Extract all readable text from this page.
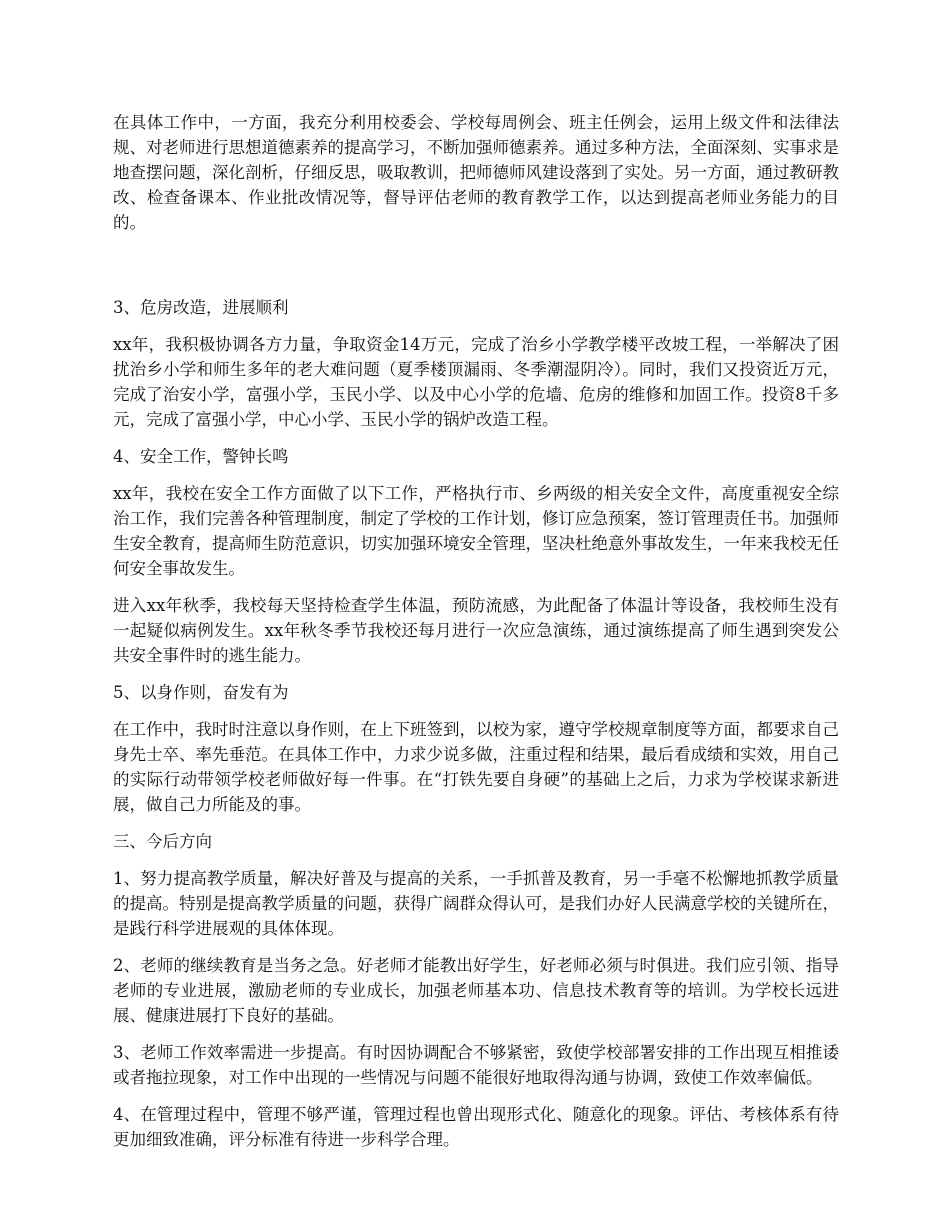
在具体工作中，一方面，我充分利用校委会、学校每周例会、班主任例会，运用上级文件和法律法规、对老师进行思想道德素养的提高学习，不断加强师德素养。通过多种方法，全面深刻、实事求是地查摆问题，深化剖析，仔细反思，吸取教训，把师德师风建设落到了实处。另一方面，通过教研教改、检查备课本、作业批改情况等，督导评估老师的教育教学工作，以达到提高老师业务能力的目的。

3、危房改造，进展顺利

xx年，我积极协调各方力量，争取资金14万元，完成了治乡小学教学楼平改坡工程，一举解决了困扰治乡小学和师生多年的老大难问题（夏季楼顶漏雨、冬季潮湿阴冷）。同时，我们又投资近万元，完成了治安小学，富强小学，玉民小学、以及中心小学的危墙、危房的维修和加固工作。投资8千多元，完成了富强小学，中心小学、玉民小学的锅炉改造工程。

4、安全工作，警钟长鸣

xx年，我校在安全工作方面做了以下工作，严格执行市、乡两级的相关安全文件，高度重视安全综治工作，我们完善各种管理制度，制定了学校的工作计划，修订应急预案，签订管理责任书。加强师生安全教育，提高师生防范意识，切实加强环境安全管理，坚决杜绝意外事故发生，一年来我校无任何安全事故发生。

进入xx年秋季，我校每天坚持检查学生体温，预防流感，为此配备了体温计等设备，我校师生没有一起疑似病例发生。xx年秋冬季节我校还每月进行一次应急演练，通过演练提高了师生遇到突发公共安全事件时的逃生能力。

5、以身作则，奋发有为

在工作中，我时时注意以身作则，在上下班签到，以校为家，遵守学校规章制度等方面，都要求自己身先士卒、率先垂范。在具体工作中，力求少说多做，注重过程和结果，最后看成绩和实效，用自己的实际行动带领学校老师做好每一件事。在“打铁先要自身硬”的基础上之后，力求为学校谋求新进展，做自己力所能及的事。

三、今后方向

1、努力提高教学质量，解决好普及与提高的关系，一手抓普及教育，另一手毫不松懈地抓教学质量的提高。特别是提高教学质量的问题，获得广阔群众得认可，是我们办好人民满意学校的关键所在，是践行科学进展观的具体体现。

2、老师的继续教育是当务之急。好老师才能教出好学生，好老师必须与时俱进。我们应引领、指导老师的专业进展，激励老师的专业成长，加强老师基本功、信息技术教育等的培训。为学校长远进展、健康进展打下良好的基础。

3、老师工作效率需进一步提高。有时因协调配合不够紧密，致使学校部署安排的工作出现互相推诿或者拖拉现象，对工作中出现的一些情况与问题不能很好地取得沟通与协调，致使工作效率偏低。

4、在管理过程中，管理不够严谨，管理过程也曾出现形式化、随意化的现象。评估、考核体系有待更加细致准确，评分标准有待进一步科学合理。
